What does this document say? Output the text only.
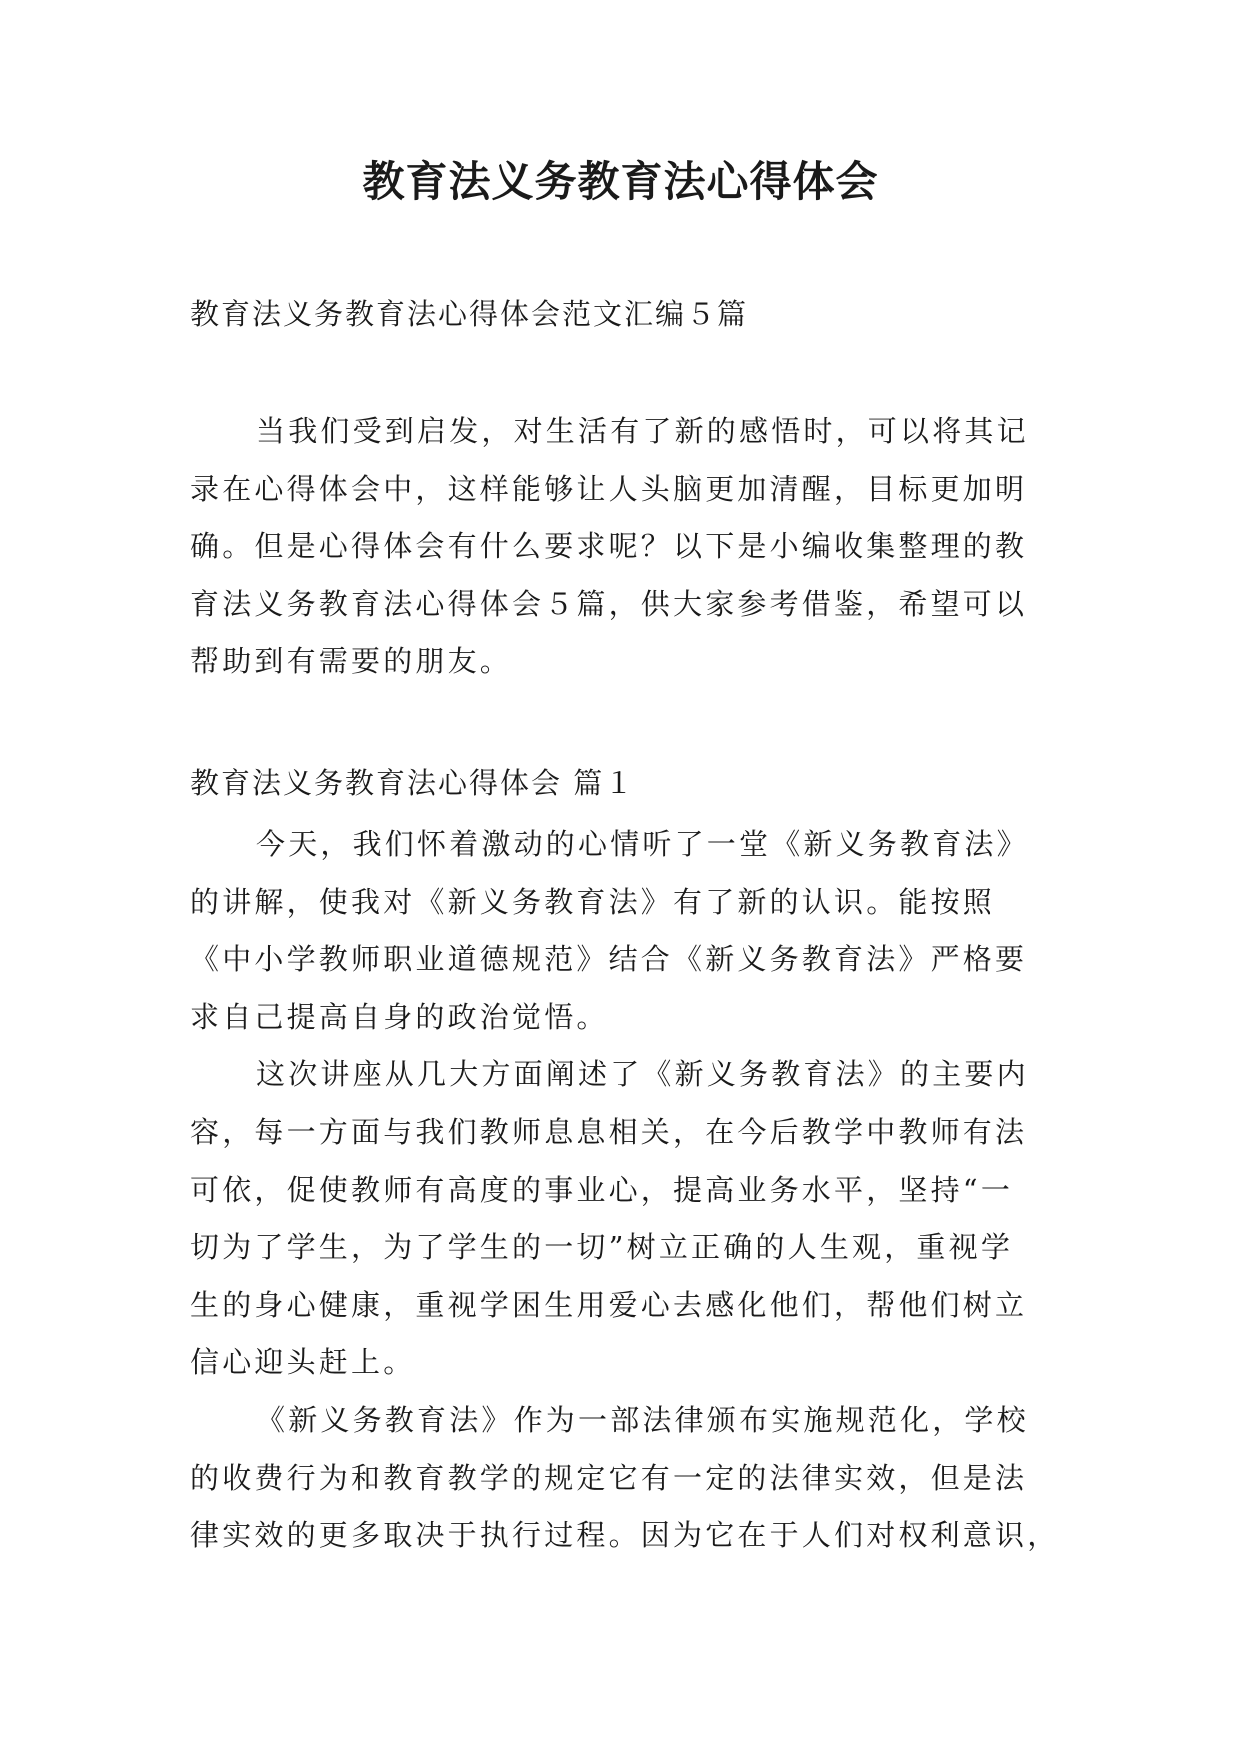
教育法义务教育法心得体会
教育法义务教育法心得体会范文汇编５篇
当我们受到启发，对生活有了新的感悟时，可以将其记
录在心得体会中，这样能够让人头脑更加清醒，目标更加明
确。但是心得体会有什么要求呢？以下是小编收集整理的教
育法义务教育法心得体会５篇，供大家参考借鉴，希望可以
帮助到有需要的朋友。
教育法义务教育法心得体会 篇１
今天，我们怀着激动的心情听了一堂《新义务教育法》
的讲解，使我对《新义务教育法》有了新的认识。能按照
《中小学教师职业道德规范》结合《新义务教育法》严格要
求自己提高自身的政治觉悟。
这次讲座从几大方面阐述了《新义务教育法》的主要内
容，每一方面与我们教师息息相关，在今后教学中教师有法
可依，促使教师有高度的事业心，提高业务水平，坚持“一
切为了学生，为了学生的一切”树立正确的人生观，重视学
生的身心健康，重视学困生用爱心去感化他们，帮他们树立
信心迎头赶上。
《新义务教育法》作为一部法律颁布实施规范化，学校
的收费行为和教育教学的规定它有一定的法律实效，但是法
律实效的更多取决于执行过程。因为它在于人们对权利意识，
